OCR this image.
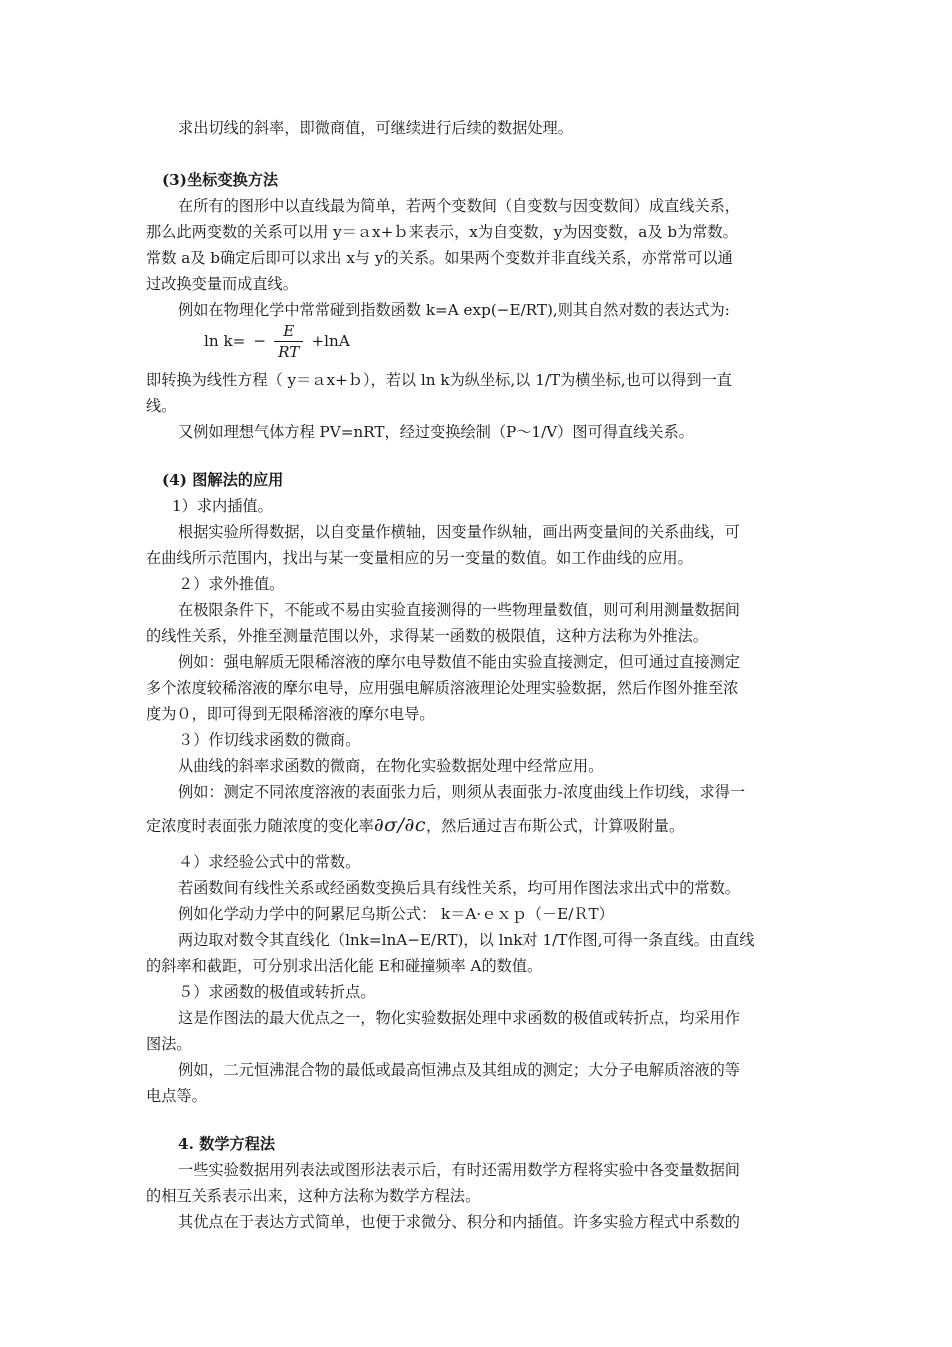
求出切线的斜率，即微商值，可继续进行后续的数据处理。

(3)坐标变换方法

在所有的图形中以直线最为简单，若两个变数间（自变数与因变数间）成直线关系，

那么此两变数的关系可以用 y＝ａx+ｂ来表示，x为自变数，y为因变数，a及 b为常数。

常数 a及 b确定后即可以求出 x与 y的关系。如果两个变数并非直线关系，亦常常可以通

过改换变量而成直线。

例如在物理化学中常常碰到指数函数 k=A exp(−E/RT),则其自然对数的表达式为:

$\ln k= - \frac{E}{RT} +\ln A$

即转换为线性方程（ y＝ａx+ｂ），若以 ln k为纵坐标,以 1/T为横坐标,也可以得到一直

线。

又例如理想气体方程 PV=nRT，经过变换绘制（P～1/V）图可得直线关系。

(4) 图解法的应用

1）求内插值。

根据实验所得数据，以自变量作横轴，因变量作纵轴，画出两变量间的关系曲线，可

在曲线所示范围内，找出与某一变量相应的另一变量的数值。如工作曲线的应用。

２）求外推值。

在极限条件下，不能或不易由实验直接测得的一些物理量数值，则可利用测量数据间

的线性关系，外推至测量范围以外，求得某一函数的极限值，这种方法称为外推法。

例如：强电解质无限稀溶液的摩尔电导数值不能由实验直接测定，但可通过直接测定

多个浓度较稀溶液的摩尔电导，应用强电解质溶液理论处理实验数据，然后作图外推至浓

度为０，即可得到无限稀溶液的摩尔电导。

３）作切线求函数的微商。

从曲线的斜率求函数的微商，在物化实验数据处理中经常应用。

例如：测定不同浓度溶液的表面张力后，则须从表面张力-浓度曲线上作切线，求得一

定浓度时表面张力随浓度的变化率∂σ/∂c，然后通过吉布斯公式，计算吸附量。

４）求经验公式中的常数。

若函数间有线性关系或经函数变换后具有线性关系，均可用作图法求出式中的常数。

例如化学动力学中的阿累尼乌斯公式： k＝A·ｅｘｐ（－E/ＲT）

两边取对数令其直线化（lnk=lnA−E/RT)，以 lnk对 1/T作图,可得一条直线。由直线

的斜率和截距，可分别求出活化能 E和碰撞频率 A的数值。

５）求函数的极值或转折点。

这是作图法的最大优点之一，物化实验数据处理中求函数的极值或转折点，均采用作

图法。

例如，二元恒沸混合物的最低或最高恒沸点及其组成的测定；大分子电解质溶液的等

电点等。

4. 数学方程法

一些实验数据用列表法或图形法表示后，有时还需用数学方程将实验中各变量数据间

的相互关系表示出来，这种方法称为数学方程法。

其优点在于表达方式简单，也便于求微分、积分和内插值。许多实验方程式中系数的
